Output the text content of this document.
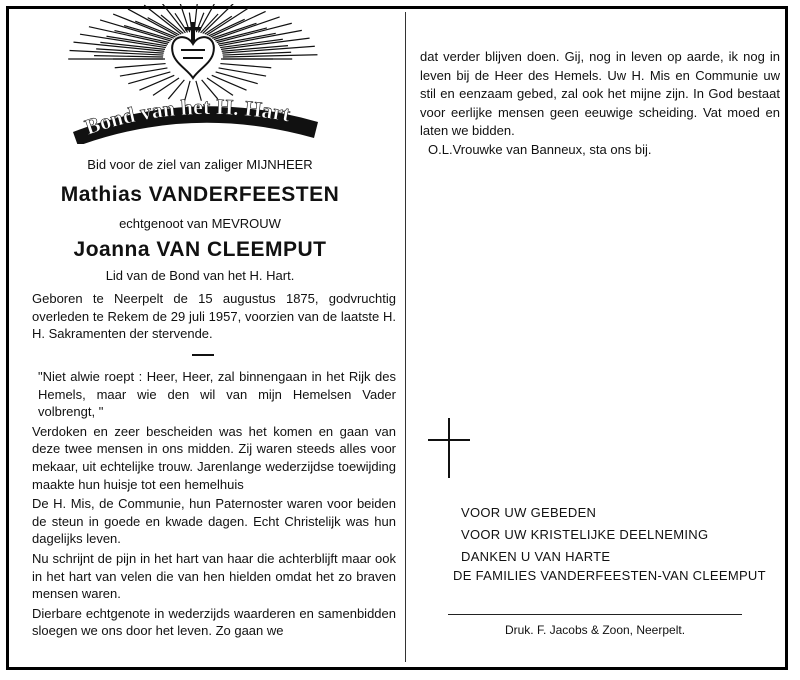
Bond van het H. Hart
Bid voor de ziel van zaliger MIJNHEER
Mathias VANDERFEESTEN
echtgenoot van MEVROUW
Joanna VAN CLEEMPUT
Lid van de Bond van het H. Hart.
Geboren te Neerpelt de 15 augustus 1875, godvruchtig overleden te Rekem de 29 juli 1957, voorzien van de laatste H. H. Sakramenten der stervende.

"Niet alwie roept : Heer, Heer, zal binnengaan in het Rijk des Hemels, maar wie den wil van mijn Hemelsen Vader volbrengt, "

Verdoken en zeer bescheiden was het komen en gaan van deze twee mensen in ons midden. Zij waren steeds alles voor mekaar, uit echtelijke trouw. Jarenlange wederzijdse toewijding maakte hun huisje tot een hemelhuis

De H. Mis, de Communie, hun Paternoster waren voor beiden de steun in goede en kwade dagen. Echt Christelijk was hun dagelijks leven.

Nu schrijnt de pijn in het hart van haar die achterblijft maar ook in het hart van velen die van hen hielden omdat het zo braven mensen waren.

Dierbare echtgenote in wederzijds waarderen en samenbidden sloegen we ons door het leven. Zo gaan we

dat verder blijven doen. Gij, nog in leven op aarde, ik nog in leven bij de Heer des Hemels. Uw H. Mis en Communie uw stil en eenzaam gebed, zal ook het mijne zijn. In God bestaat voor eerlijke mensen geen eeuwige scheiding. Vat moed en laten we bidden.

O.L.Vrouwke van Banneux, sta ons bij.

VOOR UW GEBEDEN
VOOR UW KRISTELIJKE DEELNEMING
DANKEN U VAN HARTE
DE FAMILIES VANDERFEESTEN-VAN CLEEMPUT
Druk. F. Jacobs & Zoon, Neerpelt.
